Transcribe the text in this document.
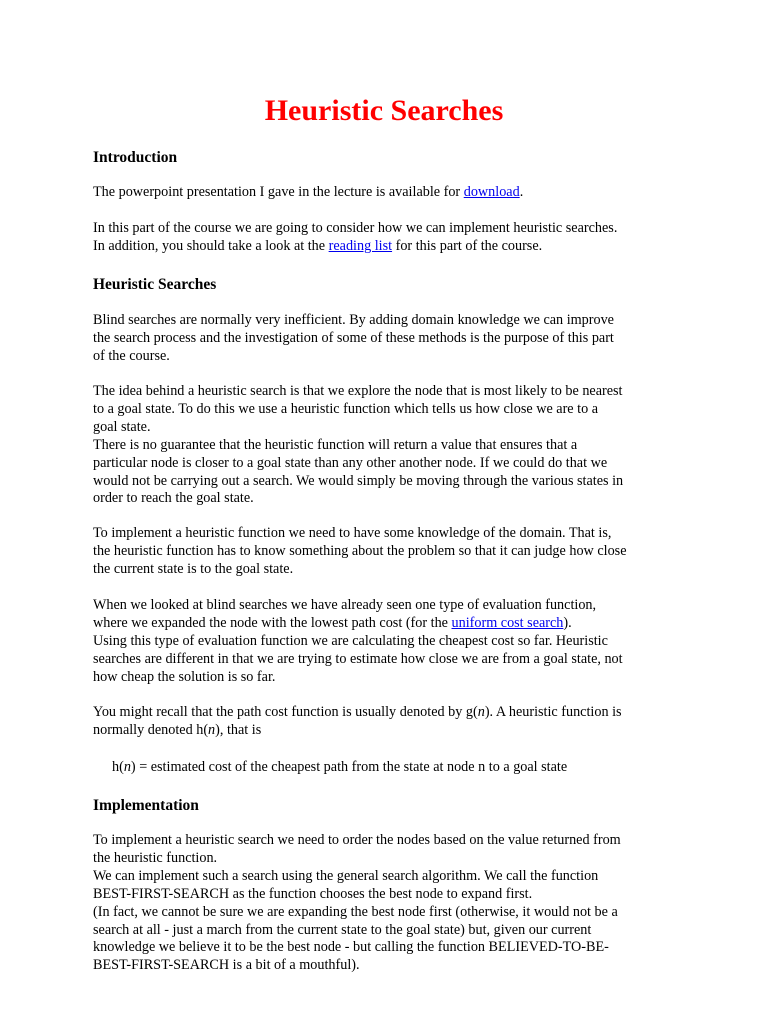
Heuristic Searches
Introduction

The powerpoint presentation I gave in the lecture is available for download.

In this part of the course we are going to consider how we can implement heuristic searches.
In addition, you should take a look at the reading list for this part of the course.

Heuristic Searches

Blind searches are normally very inefficient. By adding domain knowledge we can improve
the search process and the investigation of some of these methods is the purpose of this part
of the course.

The idea behind a heuristic search is that we explore the node that is most likely to be nearest
to a goal state. To do this we use a heuristic function which tells us how close we are to a
goal state.
There is no guarantee that the heuristic function will return a value that ensures that a
particular node is closer to a goal state than any other another node. If we could do that we
would not be carrying out a search. We would simply be moving through the various states in
order to reach the goal state.

To implement a heuristic function we need to have some knowledge of the domain. That is,
the heuristic function has to know something about the problem so that it can judge how close
the current state is to the goal state.

When we looked at blind searches we have already seen one type of evaluation function,
where we expanded the node with the lowest path cost (for the uniform cost search).
Using this type of evaluation function we are calculating the cheapest cost so far. Heuristic
searches are different in that we are trying to estimate how close we are from a goal state, not
how cheap the solution is so far.

You might recall that the path cost function is usually denoted by g(n). A heuristic function is
normally denoted h(n), that is

h(n) = estimated cost of the cheapest path from the state at node n to a goal state

Implementation

To implement a heuristic search we need to order the nodes based on the value returned from
the heuristic function.
We can implement such a search using the general search algorithm. We call the function
BEST-FIRST-SEARCH as the function chooses the best node to expand first.
(In fact, we cannot be sure we are expanding the best node first (otherwise, it would not be a
search at all - just a march from the current state to the goal state) but, given our current
knowledge we believe it to be the best node - but calling the function BELIEVED-TO-BE-
BEST-FIRST-SEARCH is a bit of a mouthful).
